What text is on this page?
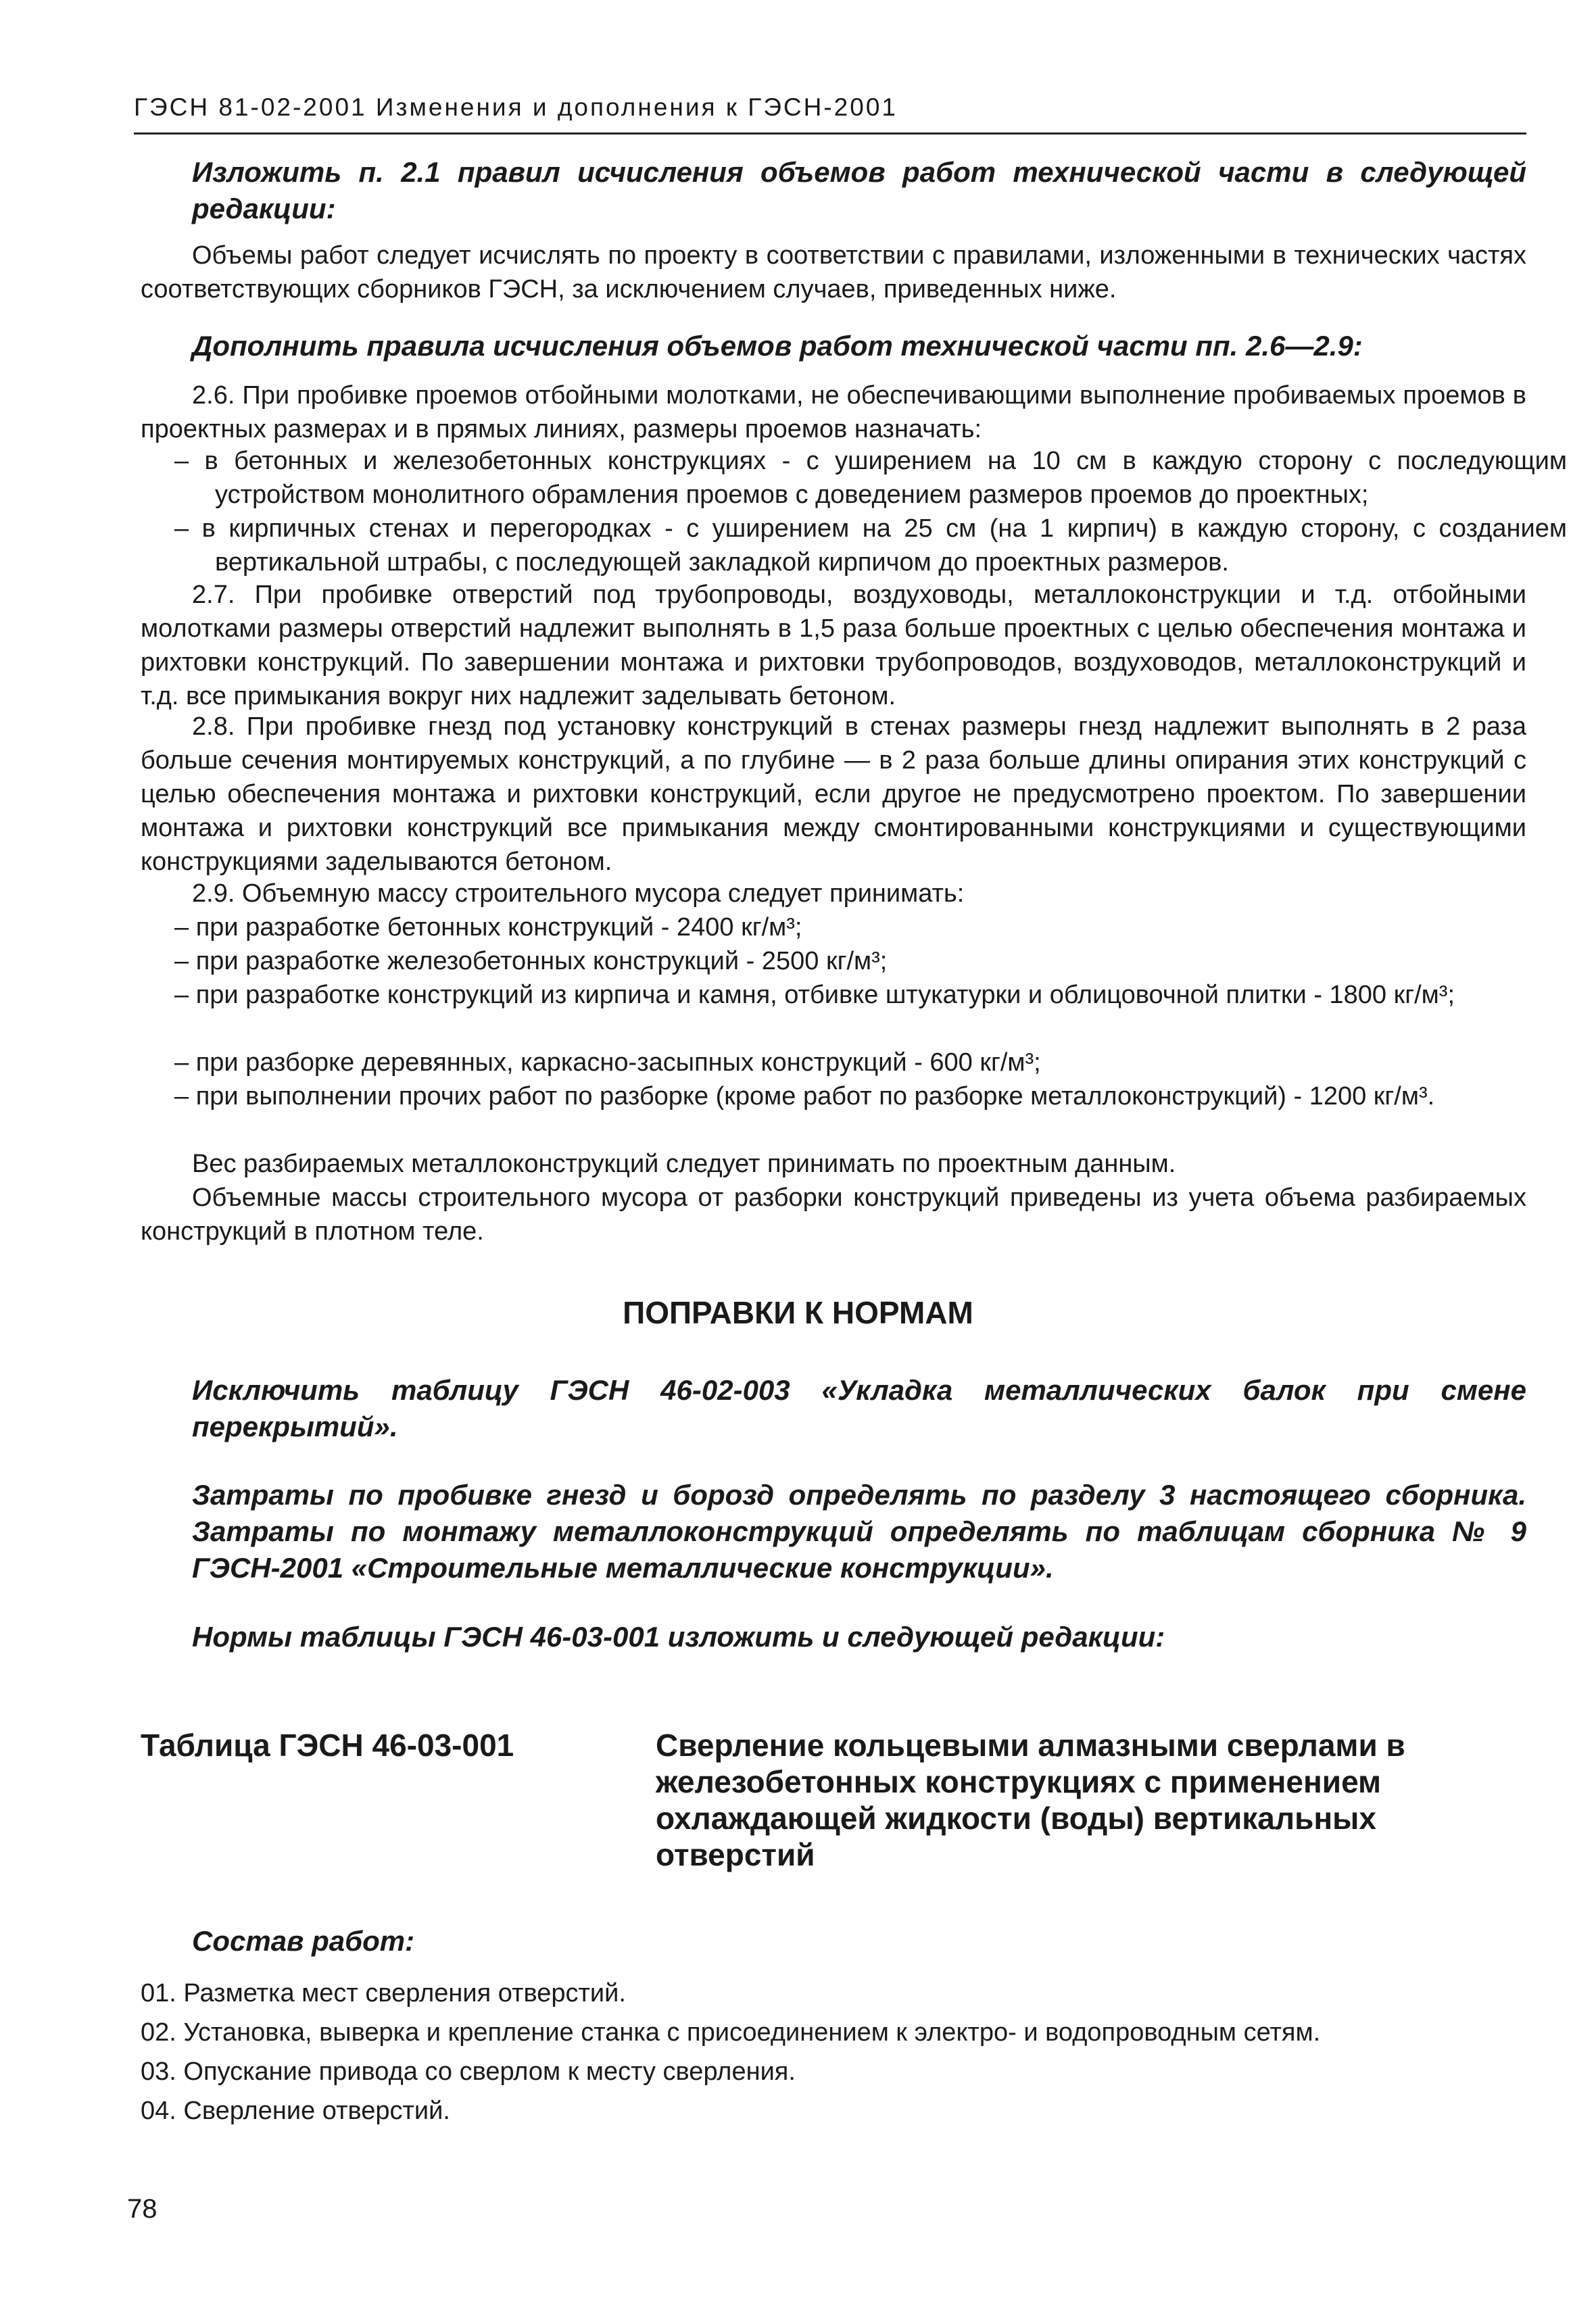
ГЭСН 81-02-2001 Изменения и дополнения к ГЭСН-2001

Изложить п. 2.1 правил исчисления объемов работ технической части в следующей редакции:

Объемы работ следует исчислять по проекту в соответствии с правилами, изложенными в технических частях соответствующих сборников ГЭСН, за исключением случаев, приведенных ниже.

Дополнить правила исчисления объемов работ технической части пп. 2.6—2.9:

2.6. При пробивке проемов отбойными молотками, не обеспечивающими выполнение пробиваемых проемов в проектных размерах и в прямых линиях, размеры проемов назначать:

– в бетонных и железобетонных конструкциях - с уширением на 10 см в каждую сторону с последующим устройством монолитного обрамления проемов с доведением размеров проемов до проектных;

– в кирпичных стенах и перегородках - с уширением на 25 см (на 1 кирпич) в каждую сторону, с созданием вертикальной штрабы, с последующей закладкой кирпичом до проектных размеров.

2.7. При пробивке отверстий под трубопроводы, воздуховоды, металлоконструкции и т.д. отбойными молотками размеры отверстий надлежит выполнять в 1,5 раза больше проектных с целью обеспечения монтажа и рихтовки конструкций. По завершении монтажа и рихтовки трубопроводов, воздуховодов, металлоконструкций и т.д. все примыкания вокруг них надлежит заделывать бетоном.

2.8. При пробивке гнезд под установку конструкций в стенах размеры гнезд надлежит выполнять в 2 раза больше сечения монтируемых конструкций, а по глубине — в 2 раза больше длины опирания этих конструкций с целью обеспечения монтажа и рихтовки конструкций, если другое не предусмотрено проектом. По завершении монтажа и рихтовки конструкций все примыкания между смонтированными конструкциями и существующими конструкциями заделываются бетоном.

2.9. Объемную массу строительного мусора следует принимать:

– при разработке бетонных конструкций - 2400 кг/м³;

– при разработке железобетонных конструкций - 2500 кг/м³;

– при разработке конструкций из кирпича и камня, отбивке штукатурки и облицовочной плитки - 1800 кг/м³;

– при разборке деревянных, каркасно-засыпных конструкций - 600 кг/м³;

– при выполнении прочих работ по разборке (кроме работ по разборке металлоконструкций) - 1200 кг/м³.

Вес разбираемых металлоконструкций следует принимать по проектным данным.

Объемные массы строительного мусора от разборки конструкций приведены из учета объема разбираемых конструкций в плотном теле.

ПОПРАВКИ К НОРМАМ

Исключить таблицу ГЭСН 46-02-003 «Укладка металлических балок при смене перекрытий».

Затраты по пробивке гнезд и борозд определять по разделу 3 настоящего сборника. Затраты по монтажу металлоконструкций определять по таблицам сборника № 9 ГЭСН-2001 «Строительные металлические конструкции».

Нормы таблицы ГЭСН 46-03-001 изложить и следующей редакции:

Таблица ГЭСН 46-03-001	Сверление кольцевыми алмазными сверлами в железобетонных конструкциях с применением охлаждающей жидкости (воды) вертикальных отверстий

Состав работ:

01. Разметка мест сверления отверстий.
02. Установка, выверка и крепление станка с присоединением к электро- и водопроводным сетям.
03. Опускание привода со сверлом к месту сверления.
04. Сверление отверстий.
78
